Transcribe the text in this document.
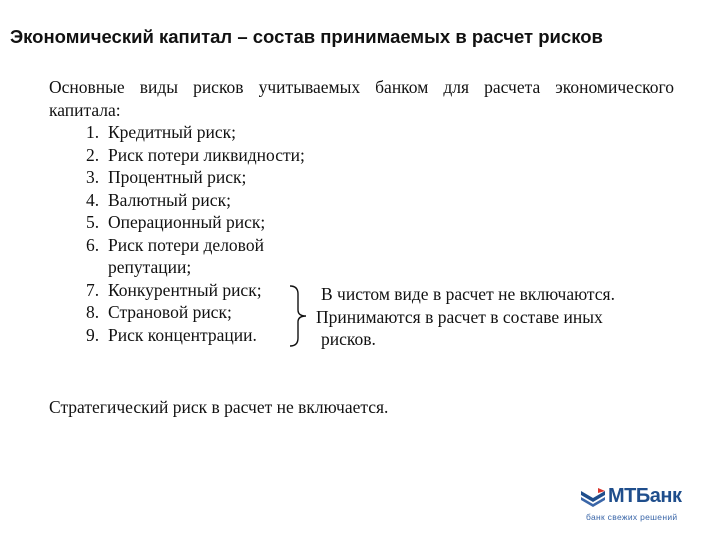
Экономический капитал – состав принимаемых в расчет рисков

Основные виды рисков учитываемых банком для расчета экономического капитала:

1. Кредитный риск;
2. Риск потери ликвидности;
3. Процентный риск;
4. Валютный риск;
5. Операционный риск;
6. Риск потери деловой
репутации;
7. Конкурентный риск;
8. Страновой риск;
9. Риск концентрации.
В чистом виде в расчет не включаются.
Принимаются в расчет в составе иных
рисков.
Стратегический риск в расчет не включается.
МТБанк
банк свежих решений
